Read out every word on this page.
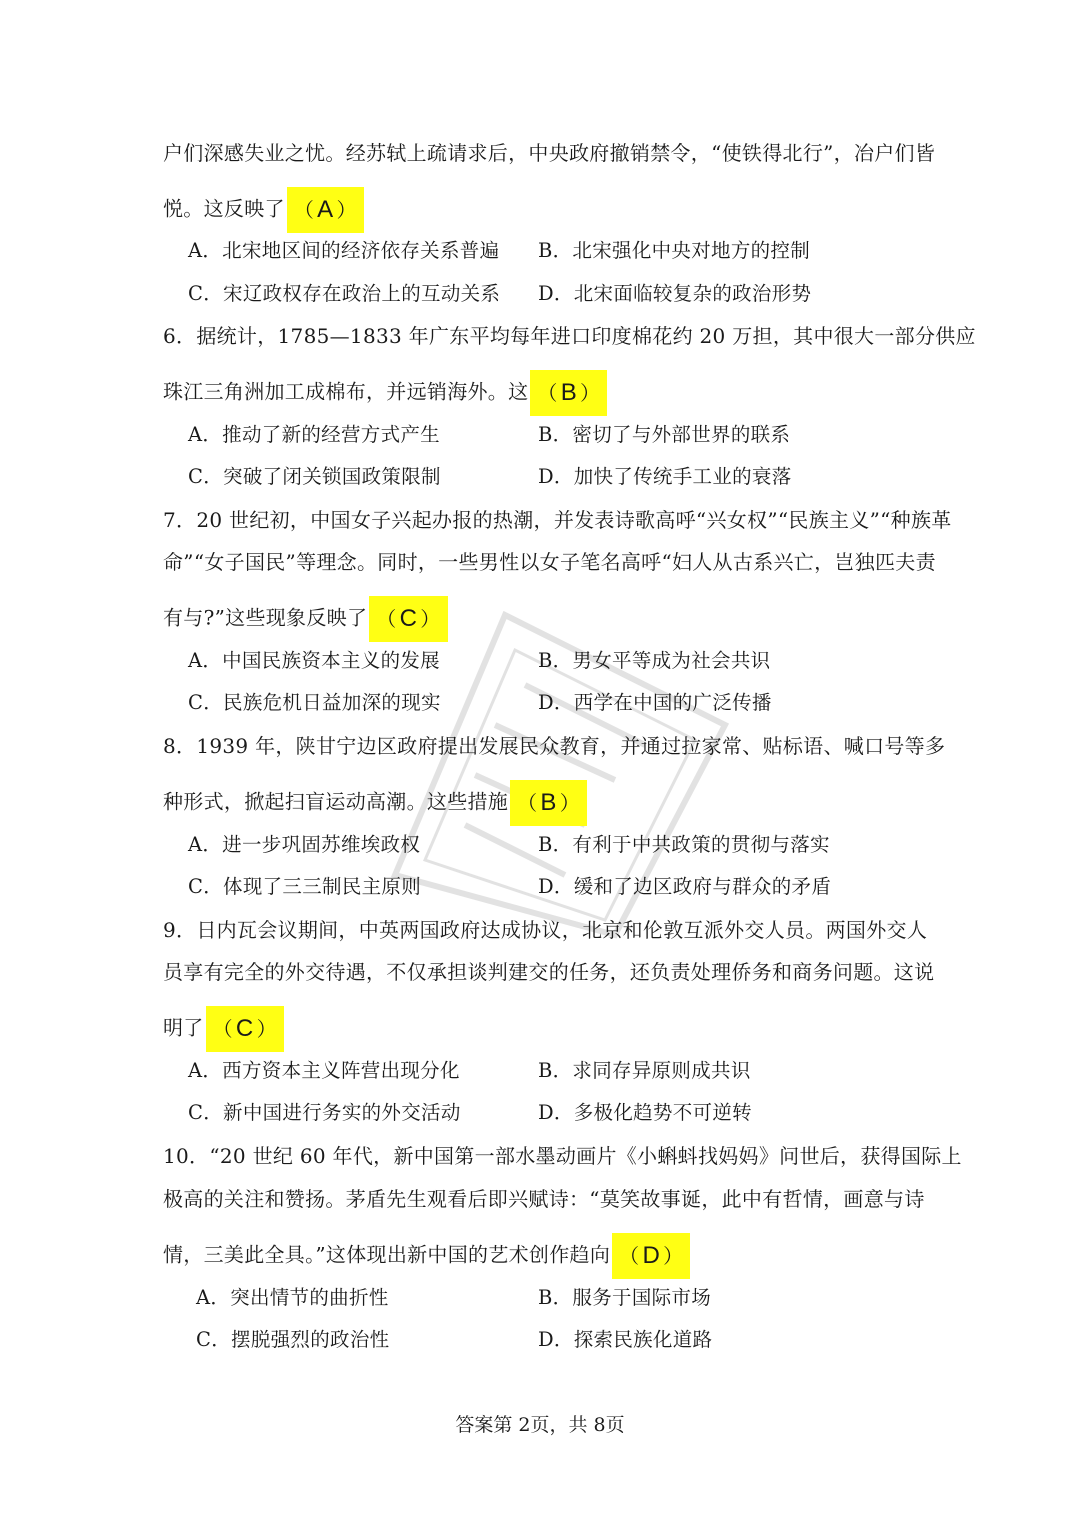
户们深感失业之忧。经苏轼上疏请求后，中央政府撤销禁令，“使铁得北行”，冶户们皆
悦。这反映了 （ A ）
A．北宋地区间的经济依存关系普遍 B．北宋强化中央对地方的控制
C．宋辽政权存在政治上的互动关系 D．北宋面临较复杂的政治形势
6．据统计，1785—1833 年广东平均每年进口印度棉花约 20 万担，其中很大一部分供应
珠江三角洲加工成棉布，并远销海外。这 （ B ）
A．推动了新的经营方式产生	B．密切了与外部世界的联系
C．突破了闭关锁国政策限制	D．加快了传统手工业的衰落
7．20 世纪初，中国女子兴起办报的热潮，并发表诗歌高呼“兴女权”“民族主义”“种族革
命”“女子国民”等理念。同时，一些男性以女子笔名高呼“妇人从古系兴亡，岂独匹夫责
有与?”这些现象反映了 （ C ）
A．中国民族资本主义的发展	B．男女平等成为社会共识
C．民族危机日益加深的现实	D．西学在中国的广泛传播
8．1939 年，陕甘宁边区政府提出发展民众教育，并通过拉家常、贴标语、喊口号等多
种形式，掀起扫盲运动高潮。这些措施 （ B ）
A．进一步巩固苏维埃政权	B．有利于中共政策的贯彻与落实
C．体现了三三制民主原则	D．缓和了边区政府与群众的矛盾
9．日内瓦会议期间，中英两国政府达成协议，北京和伦敦互派外交人员。两国外交人
员享有完全的外交待遇，不仅承担谈判建交的任务，还负责处理侨务和商务问题。这说
明了 （ C ）
A．西方资本主义阵营出现分化	B．求同存异原则成共识
C．新中国进行务实的外交活动	D．多极化趋势不可逆转
10．“20 世纪 60 年代，新中国第一部水墨动画片《小蝌蚪找妈妈》问世后，获得国际上
极高的关注和赞扬。茅盾先生观看后即兴赋诗：“莫笑故事诞，此中有哲情，画意与诗
情，三美此全具。”这体现出新中国的艺术创作趋向 （ D ）
A．突出情节的曲折性	B．服务于国际市场
C．摆脱强烈的政治性	D．探索民族化道路
答案第 2页，共 8页
